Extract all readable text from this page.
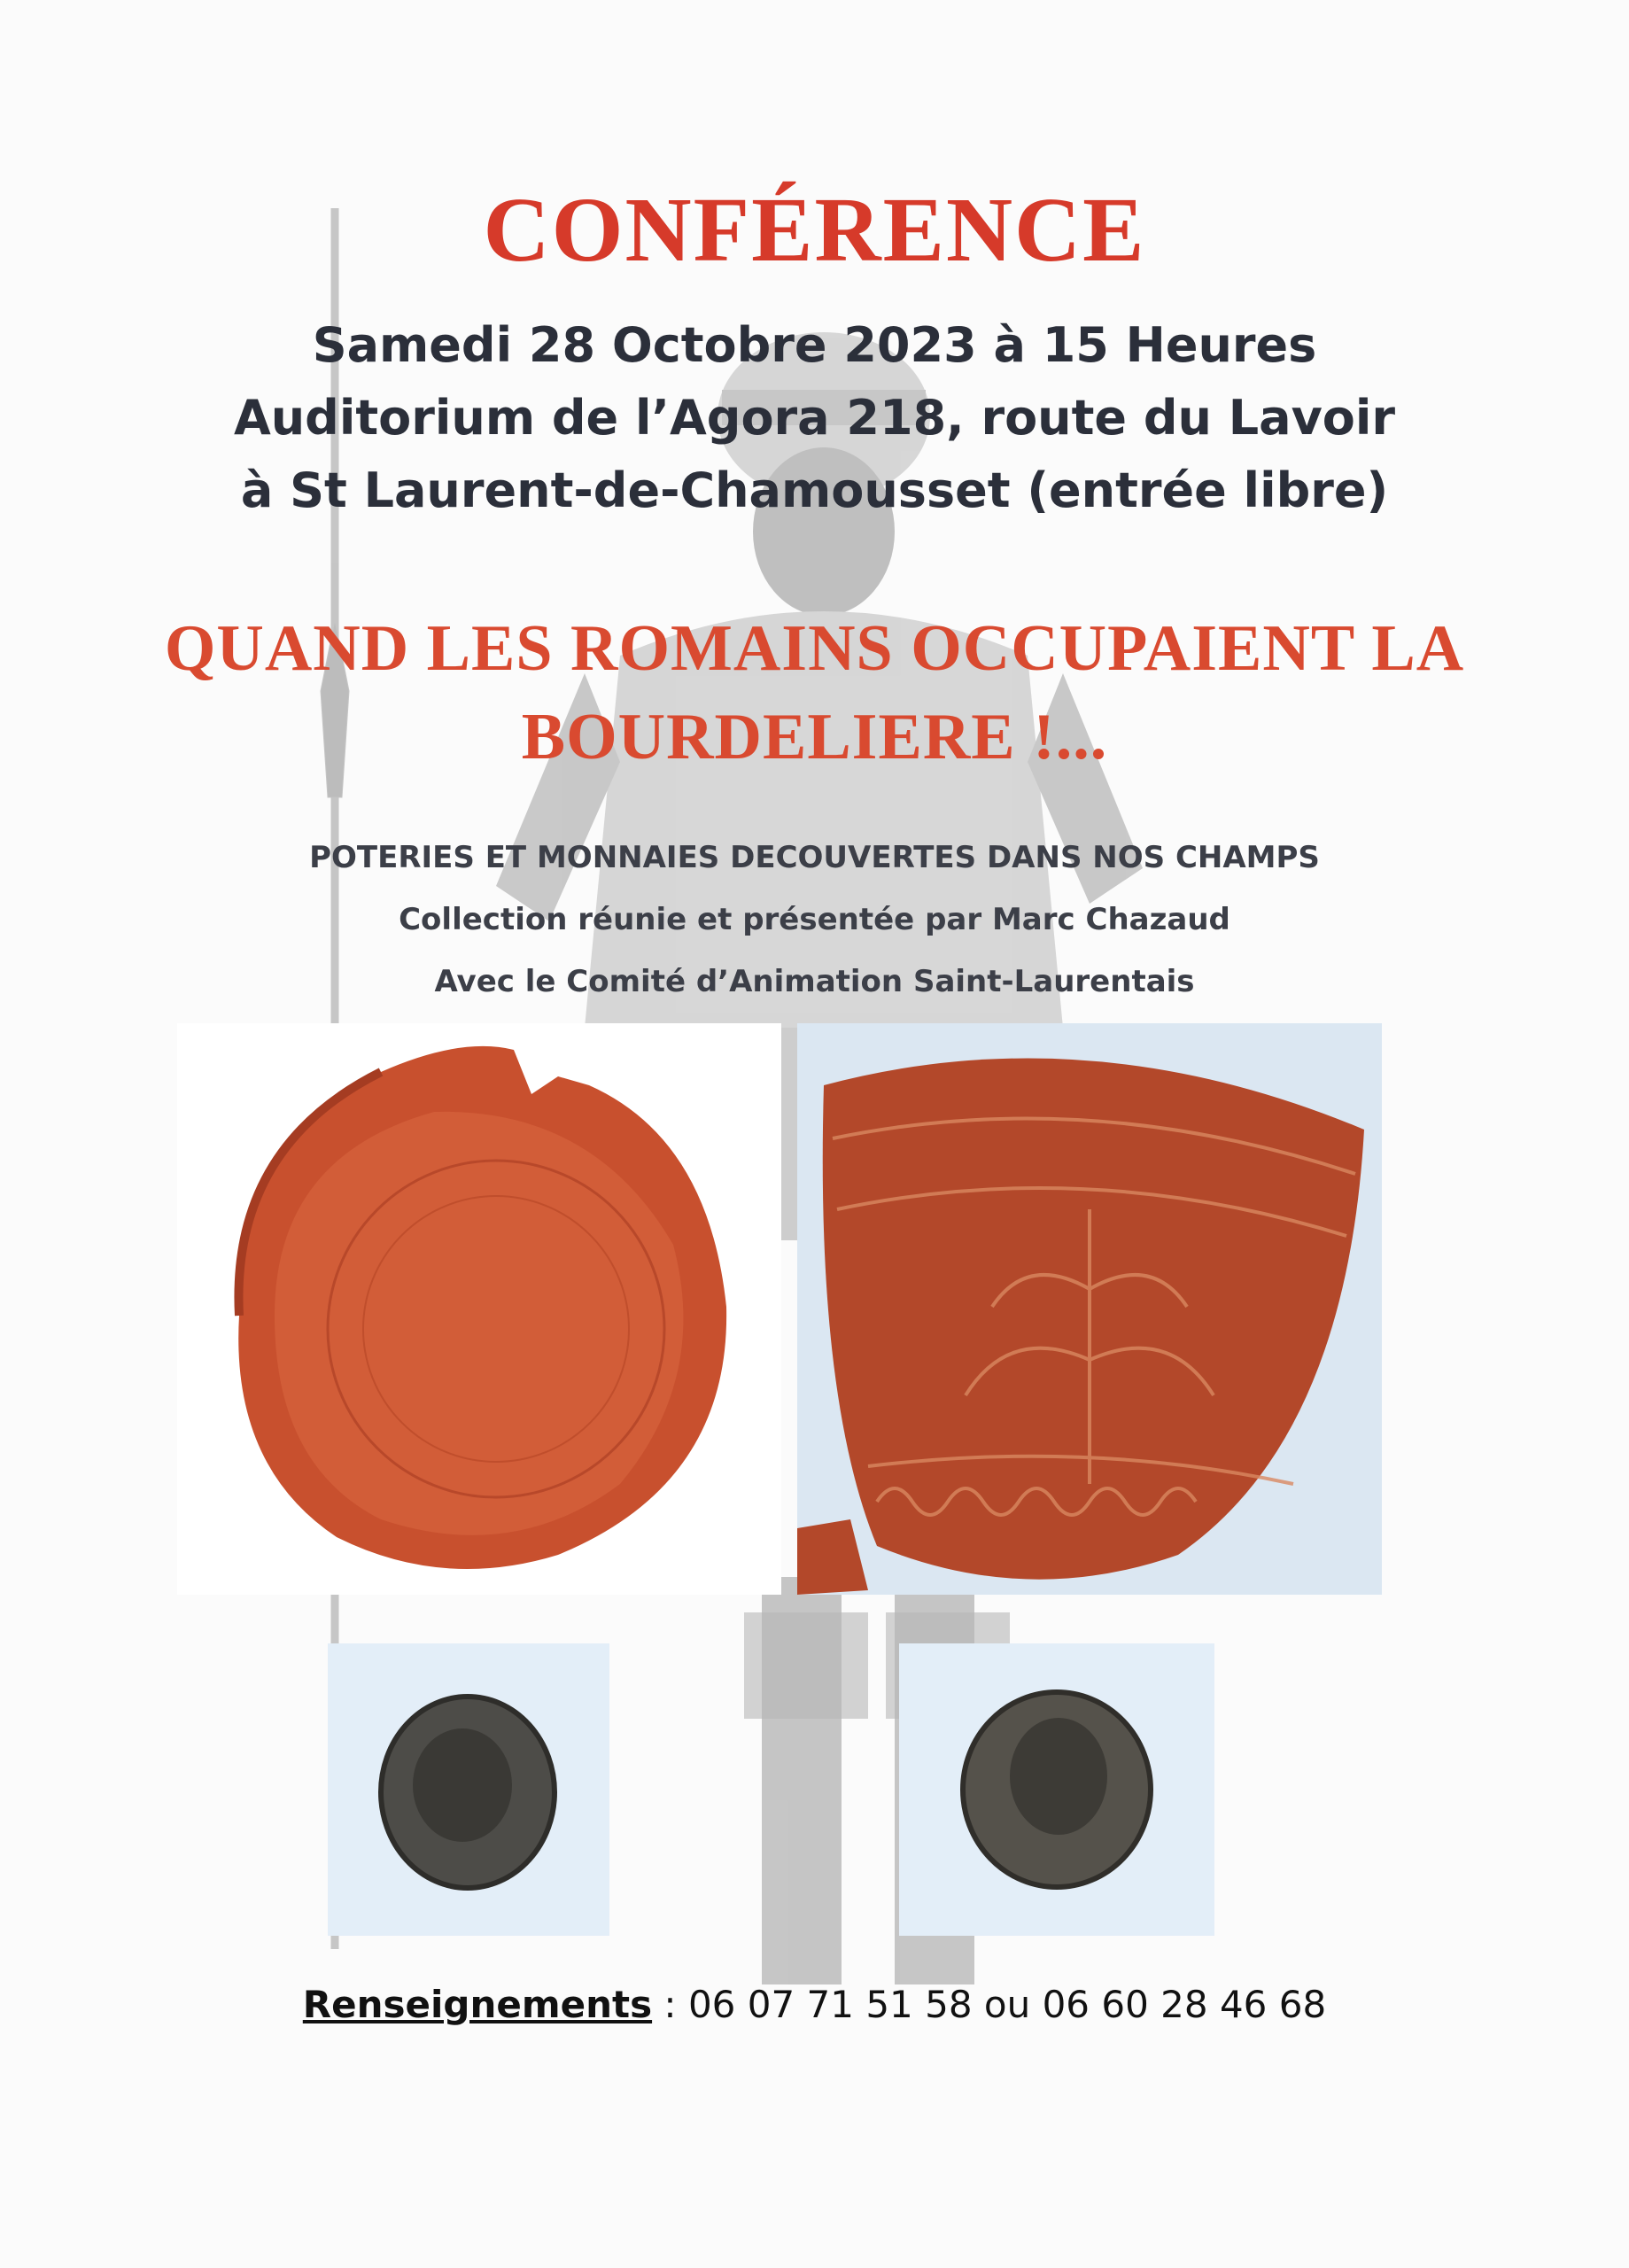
CONFÉRENCE
Samedi 28 Octobre 2023 à 15 Heures
Auditorium de l’Agora 218, route du Lavoir
à St Laurent-de-Chamousset (entrée libre)
QUAND LES ROMAINS OCCUPAIENT LA
BOURDELIERE !...
POTERIES ET MONNAIES DECOUVERTES DANS NOS CHAMPS
Collection réunie et présentée par Marc Chazaud
Avec le Comité d’Animation Saint-Laurentais
Renseignements : 06 07 71 51 58 ou 06 60 28 46 68
